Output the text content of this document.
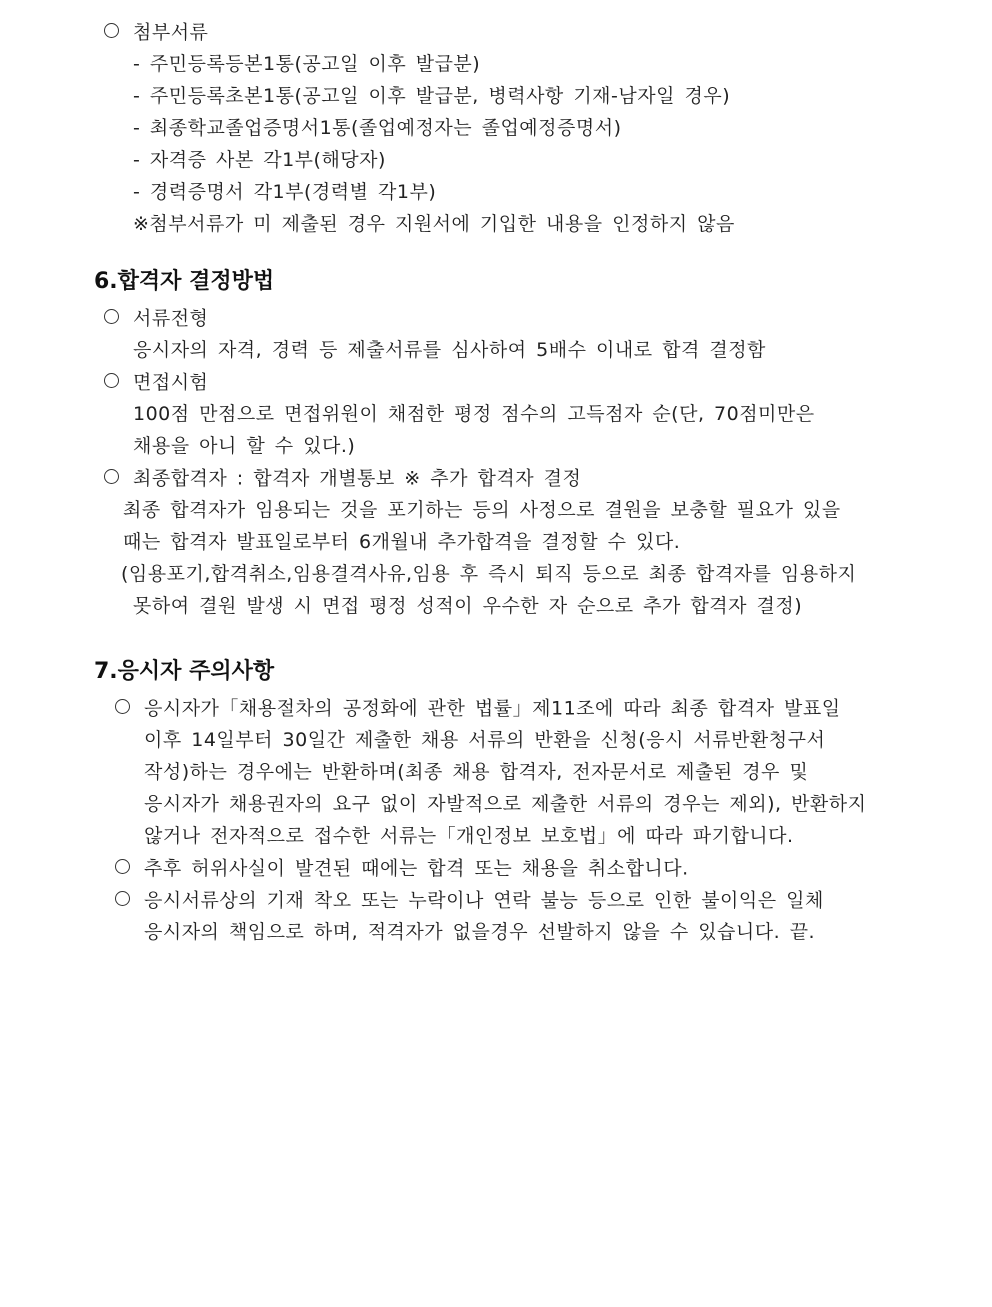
첨부서류
- 주민등록등본1통(공고일 이후 발급분)
- 주민등록초본1통(공고일 이후 발급분, 병력사항 기재-남자일 경우)
- 최종학교졸업증명서1통(졸업예정자는 졸업예정증명서)
- 자격증 사본 각1부(해당자)
- 경력증명서 각1부(경력별 각1부)
※첨부서류가 미 제출된 경우 지원서에 기입한 내용을 인정하지 않음
6.합격자 결정방법
서류전형
응시자의 자격, 경력 등 제출서류를 심사하여 5배수 이내로 합격 결정함
면접시험
100점 만점으로 면접위원이 채점한 평정 점수의 고득점자 순(단, 70점미만은
채용을 아니 할 수 있다.)
최종합격자 : 합격자 개별통보 ※ 추가 합격자 결정
최종 합격자가 임용되는 것을 포기하는 등의 사정으로 결원을 보충할 필요가 있을
때는 합격자 발표일로부터 6개월내 추가합격을 결정할 수 있다.
(임용포기,합격취소,임용결격사유,임용 후 즉시 퇴직 등으로 최종 합격자를 임용하지
못하여 결원 발생 시 면접 평정 성적이 우수한 자 순으로 추가 합격자 결정)
7.응시자 주의사항
응시자가「채용절차의 공정화에 관한 법률」제11조에 따라 최종 합격자 발표일
이후 14일부터 30일간 제출한 채용 서류의 반환을 신청(응시 서류반환청구서
작성)하는 경우에는 반환하며(최종 채용 합격자, 전자문서로 제출된 경우 및
응시자가 채용권자의 요구 없이 자발적으로 제출한 서류의 경우는 제외), 반환하지
않거나 전자적으로 접수한 서류는「개인정보 보호법」에 따라 파기합니다.
추후 허위사실이 발견된 때에는 합격 또는 채용을 취소합니다.
응시서류상의 기재 착오 또는 누락이나 연락 불능 등으로 인한 불이익은 일체
응시자의 책임으로 하며, 적격자가 없을경우 선발하지 않을 수 있습니다. 끝.
